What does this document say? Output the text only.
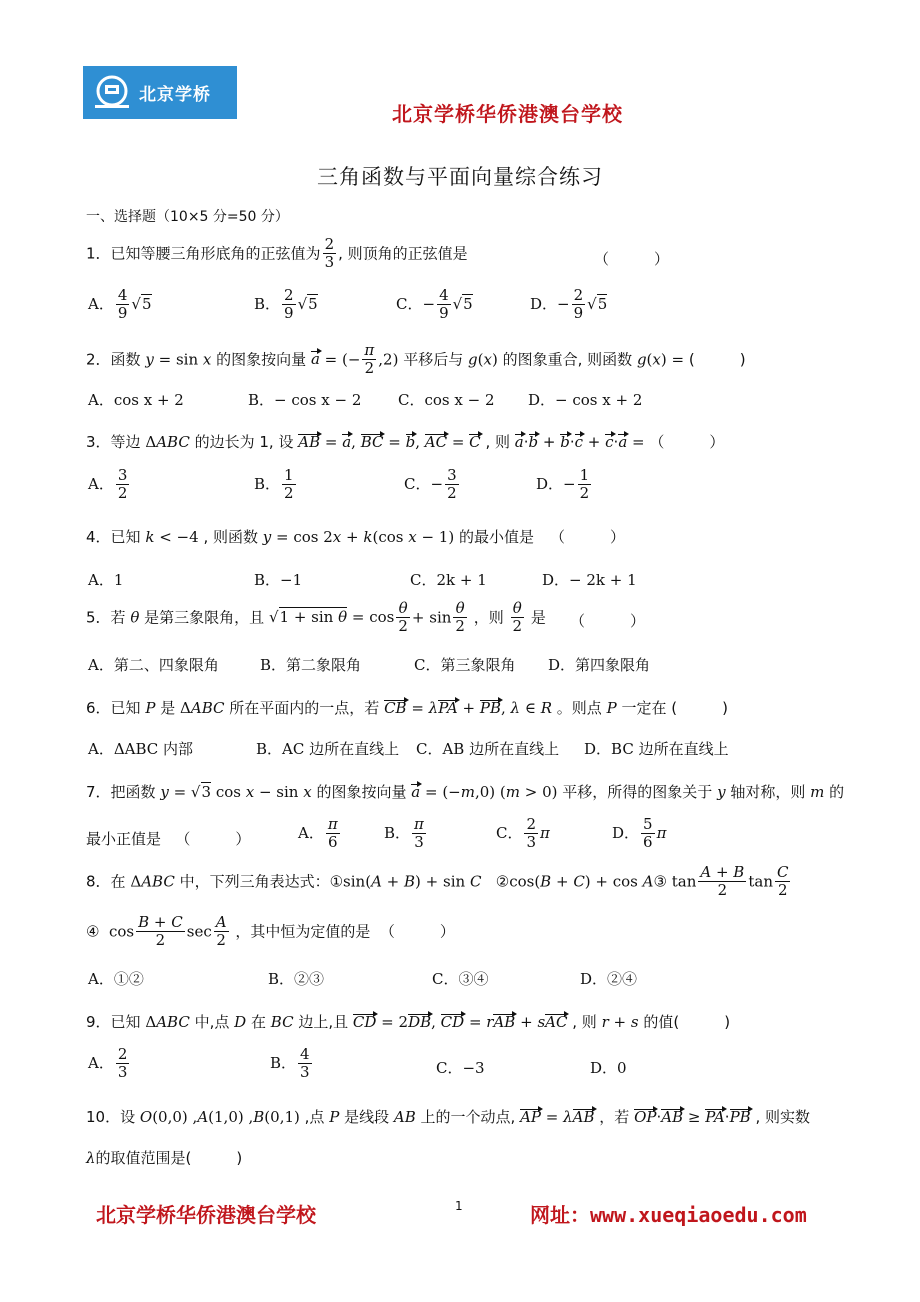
北京学桥
北京学桥华侨港澳台学校
三角函数与平面向量综合练习
一、选择题（10×5 分=50 分）
1．已知等腰三角形底角的正弦值为 $\frac{2}{3}$ , 则顶角的正弦值是	（　　　）
A． $\frac{4}{9} √5$	B． $\frac{2}{9} √5$	C．− $\frac{4}{9} √5$	D．− $\frac{2}{9} √5$
2．函数 y = sin x 的图象按向量 a = (− $\frac{\pi}{2} ,2$) 平移后与 g(x) 的图象重合, 则函数 g(x) = (　　　)
A．cos x + 2	B．− cos x − 2 C．cos x − 2 D．− cos x + 2
3．等边 ΔABC 的边长为 1, 设 AB = a, BC = b, AC = C , 则 a·b + b·c + c·a = （　　　）
A． $\frac{3}{2}$	B． $\frac{1}{2}$	C．− $\frac{3}{2}$	D．− $\frac{1}{2}$
4．已知 k < −4 , 则函数 y = cos 2x + k(cos x − 1) 的最小值是 （　　　）
A．1	B．−1	C．2k + 1	D．− 2k + 1
5．若 θ 是第三象限角，且 $√1 + \sin \theta = \cos \frac{\theta}{2} + \sin \frac{\theta}{2}$ ，则 $\frac{\theta}{2}$ 是 （　　　）
A．第二、四象限角	B．第二象限角	C．第三象限角 D．第四象限角
6．已知 P 是 ΔABC 所在平面内的一点，若 CB = λPA + PB, λ ∈ R 。则点 P 一定在 (　　　)
A．ΔABC 内部	B．AC 边所在直线上 C．AB 边所在直线上 D．BC 边所在直线上
7．把函数 y = √3 cos x − sin x 的图象按向量 a = (−m,0) (m > 0) 平移，所得的图象关于 y 轴对称，则 m 的
最小正值是 （　　　）	A． $\frac{\pi}{6}$	B． $\frac{\pi}{3}$	C． $\frac{2}{3}$ π	D． $\frac{5}{6}$ π
8．在 ΔABC 中，下列三角表达式：①sin(A + B) + sin C ②cos(B + C) + cos A③ $\tan \frac{A + B}{2}$ $\tan \frac{C}{2}$
④ $\cos \frac{B + C}{2}$ $\sec \frac{A}{2}$ ，其中恒为定值的是 （　　　）
A．①②	B．②③	C．③④	D．②④
9．已知 ΔABC 中,点 D 在 BC 边上,且 CD = 2DB, CD = rAB + sAC , 则 r + s 的值(　　　)
A． $\frac{2}{3}$	B． $\frac{4}{3}$	C．−3	D．0
10．设 O(0,0) ,A(1,0) ,B(0,1) ,点 P 是线段 AB 上的一个动点, AP = λAB ，若 OP·AB ≥ PA·PB , 则实数
λ的取值范围是(　　　)
北京学桥华侨港澳台学校	1	网址：www.xueqiaoedu.com
